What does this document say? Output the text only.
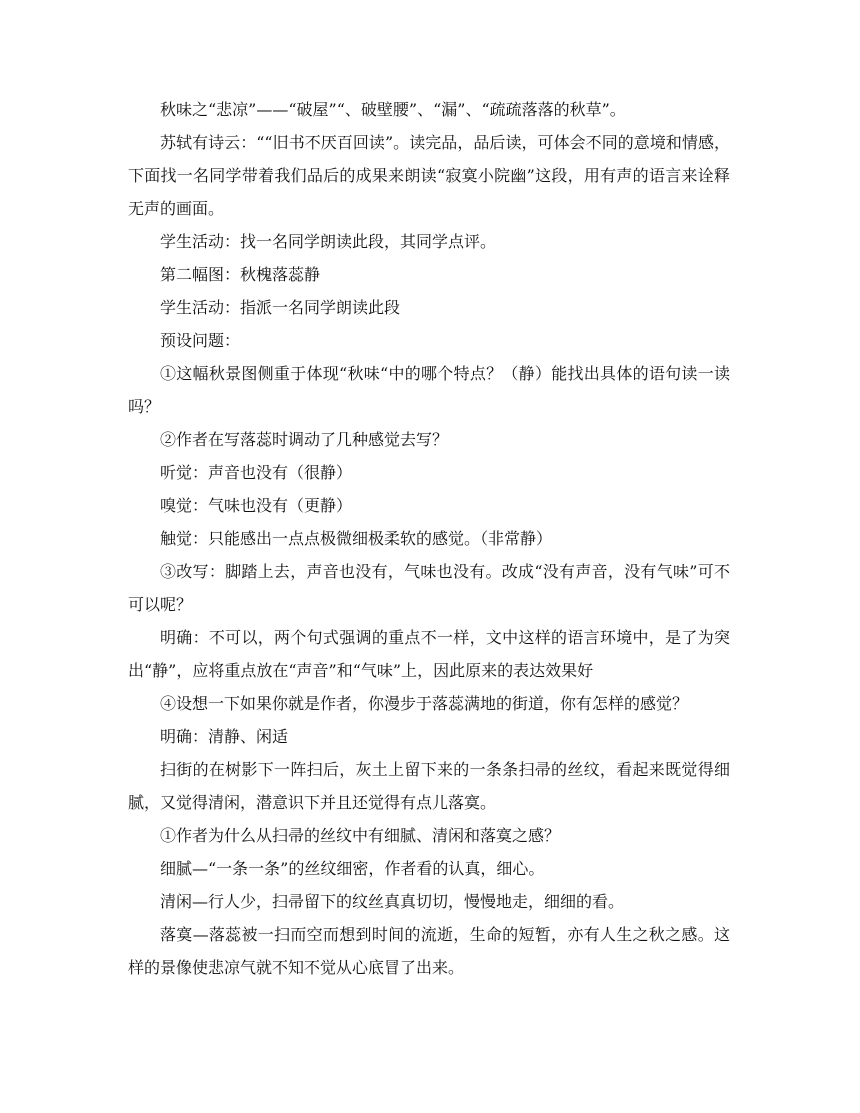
秋味之“悲凉”——“破屋”“、破壁腰”、“漏”、“疏疏落落的秋草”。

苏轼有诗云：““旧书不厌百回读”。读完品，品后读，可体会不同的意境和情感，下面找一名同学带着我们品后的成果来朗读“寂寞小院幽”这段，用有声的语言来诠释无声的画面。

学生活动：找一名同学朗读此段，其同学点评。

第二幅图：秋槐落蕊静

学生活动：指派一名同学朗读此段

预设问题：

①这幅秋景图侧重于体现“秋味“中的哪个特点？（静）能找出具体的语句读一读吗？

②作者在写落蕊时调动了几种感觉去写？

听觉：声音也没有（很静）

嗅觉：气味也没有（更静）

触觉：只能感出一点点极微细极柔软的感觉。（非常静）

③改写：脚踏上去，声音也没有，气味也没有。改成“没有声音，没有气味”可不可以呢？

明确：不可以，两个句式强调的重点不一样，文中这样的语言环境中，是了为突出“静”，应将重点放在“声音”和“气味”上，因此原来的表达效果好

④设想一下如果你就是作者，你漫步于落蕊满地的街道，你有怎样的感觉？

明确：清静、闲适

扫街的在树影下一阵扫后，灰土上留下来的一条条扫帚的丝纹，看起来既觉得细腻，又觉得清闲，潜意识下并且还觉得有点儿落寞。

①作者为什么从扫帚的丝纹中有细腻、清闲和落寞之感？

细腻—“一条一条”的丝纹细密，作者看的认真，细心。

清闲—行人少，扫帚留下的纹丝真真切切，慢慢地走，细细的看。

落寞—落蕊被一扫而空而想到时间的流逝，生命的短暂，亦有人生之秋之感。这样的景像使悲凉气就不知不觉从心底冒了出来。
